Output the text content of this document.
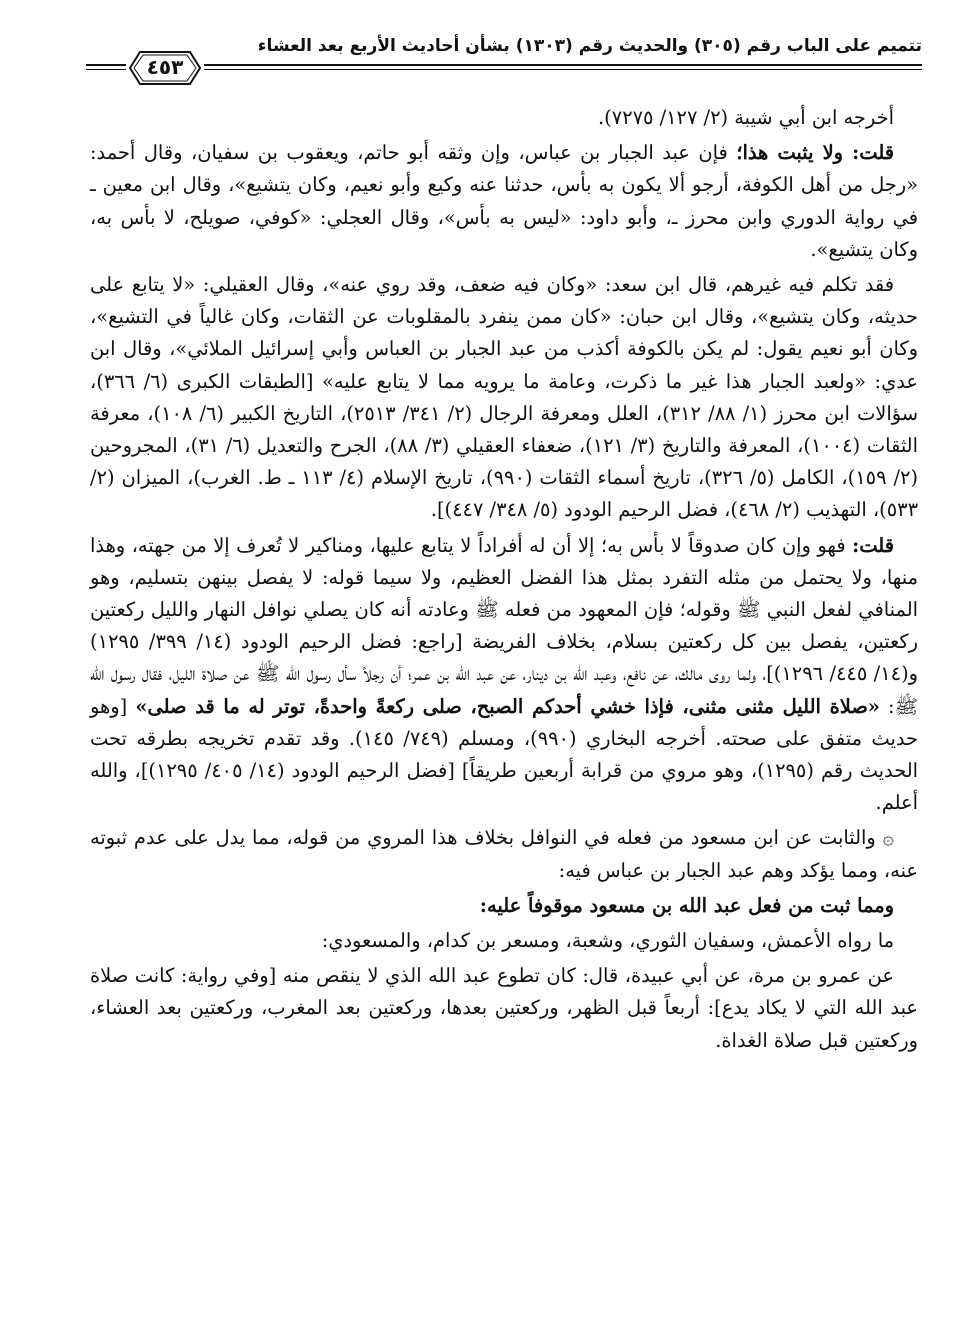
تتميم على الباب رقم (٣٠٥) والحديث رقم (١٣٠٣) بشأن أحاديث الأربع بعد العشاء
٤٥٣

أخرجه ابن أبي شيبة (٢/ ١٢٧/ ٧٢٧٥).

قلت: ولا يثبت هذا؛ فإن عبد الجبار بن عباس، وإن وثقه أبو حاتم، ويعقوب بن سفيان، وقال أحمد: «رجل من أهل الكوفة، أرجو ألا يكون به بأس، حدثنا عنه وكيع وأبو نعيم، وكان يتشيع»، وقال ابن معين ـ في رواية الدوري وابن محرز ـ، وأبو داود: «ليس به بأس»، وقال العجلي: «كوفي، صويلح، لا بأس به، وكان يتشيع».

فقد تكلم فيه غيرهم، قال ابن سعد: «وكان فيه ضعف، وقد روي عنه»، وقال العقيلي: «لا يتابع على حديثه، وكان يتشيع»، وقال ابن حبان: «كان ممن ينفرد بالمقلوبات عن الثقات، وكان غالياً في التشيع»، وكان أبو نعيم يقول: لم يكن بالكوفة أكذب من عبد الجبار بن العباس وأبي إسرائيل الملائي»، وقال ابن عدي: «ولعبد الجبار هذا غير ما ذكرت، وعامة ما يرويه مما لا يتابع عليه» [الطبقات الكبرى (٦/ ٣٦٦)، سؤالات ابن محرز (١/ ٨٨/ ٣١٢)، العلل ومعرفة الرجال (٢/ ٣٤١/ ٢٥١٣)، التاريخ الكبير (٦/ ١٠٨)، معرفة الثقات (١٠٠٤)، المعرفة والتاريخ (٣/ ١٢١)، ضعفاء العقيلي (٣/ ٨٨)، الجرح والتعديل (٦/ ٣١)، المجروحين (٢/ ١٥٩)، الكامل (٥/ ٣٢٦)، تاريخ أسماء الثقات (٩٩٠)، تاريخ الإسلام (٤/ ١١٣ ـ ط. الغرب)، الميزان (٢/ ٥٣٣)، التهذيب (٢/ ٤٦٨)، فضل الرحيم الودود (٥/ ٣٤٨/ ٤٤٧)].

قلت: فهو وإن كان صدوقاً لا بأس به؛ إلا أن له أفراداً لا يتابع عليها، ومناكير لا تُعرف إلا من جهته، وهذا منها، ولا يحتمل من مثله التفرد بمثل هذا الفضل العظيم، ولا سيما قوله: لا يفصل بينهن بتسليم، وهو المنافي لفعل النبي ﷺ وقوله؛ فإن المعهود من فعله ﷺ وعادته أنه كان يصلي نوافل النهار والليل ركعتين ركعتين، يفصل بين كل ركعتين بسلام، بخلاف الفريضة [راجع: فضل الرحيم الودود (١٤/ ٣٩٩/ ١٢٩٥) و(١٤/ ٤٤٥/ ١٢٩٦)]، ولما روى مالك، عن نافع، وعبد الله بن دينار، عن عبد الله بن عمر؛ أن رجلاً سأل رسول الله ﷺ عن صلاة الليل، فقال رسول الله ﷺ: «صلاة الليل مثنى مثنى، فإذا خشي أحدكم الصبح، صلى ركعةً واحدةً، توتر له ما قد صلى» [وهو حديث متفق على صحته. أخرجه البخاري (٩٩٠)، ومسلم (٧٤٩/ ١٤٥). وقد تقدم تخريجه بطرقه تحت الحديث رقم (١٢٩٥)، وهو مروي من قرابة أربعين طريقاً] [فضل الرحيم الودود (١٤/ ٤٠٥/ ١٢٩٥)]، والله أعلم.

۞ والثابت عن ابن مسعود من فعله في النوافل بخلاف هذا المروي من قوله، مما يدل على عدم ثبوته عنه، ومما يؤكد وهم عبد الجبار بن عباس فيه:

ومما ثبت من فعل عبد الله بن مسعود موقوفاً عليه:

ما رواه الأعمش، وسفيان الثوري، وشعبة، ومسعر بن كدام، والمسعودي:

عن عمرو بن مرة، عن أبي عبيدة، قال: كان تطوع عبد الله الذي لا ينقص منه [وفي رواية: كانت صلاة عبد الله التي لا يكاد يدع]: أربعاً قبل الظهر، وركعتين بعدها، وركعتين بعد المغرب، وركعتين بعد العشاء، وركعتين قبل صلاة الغداة.
